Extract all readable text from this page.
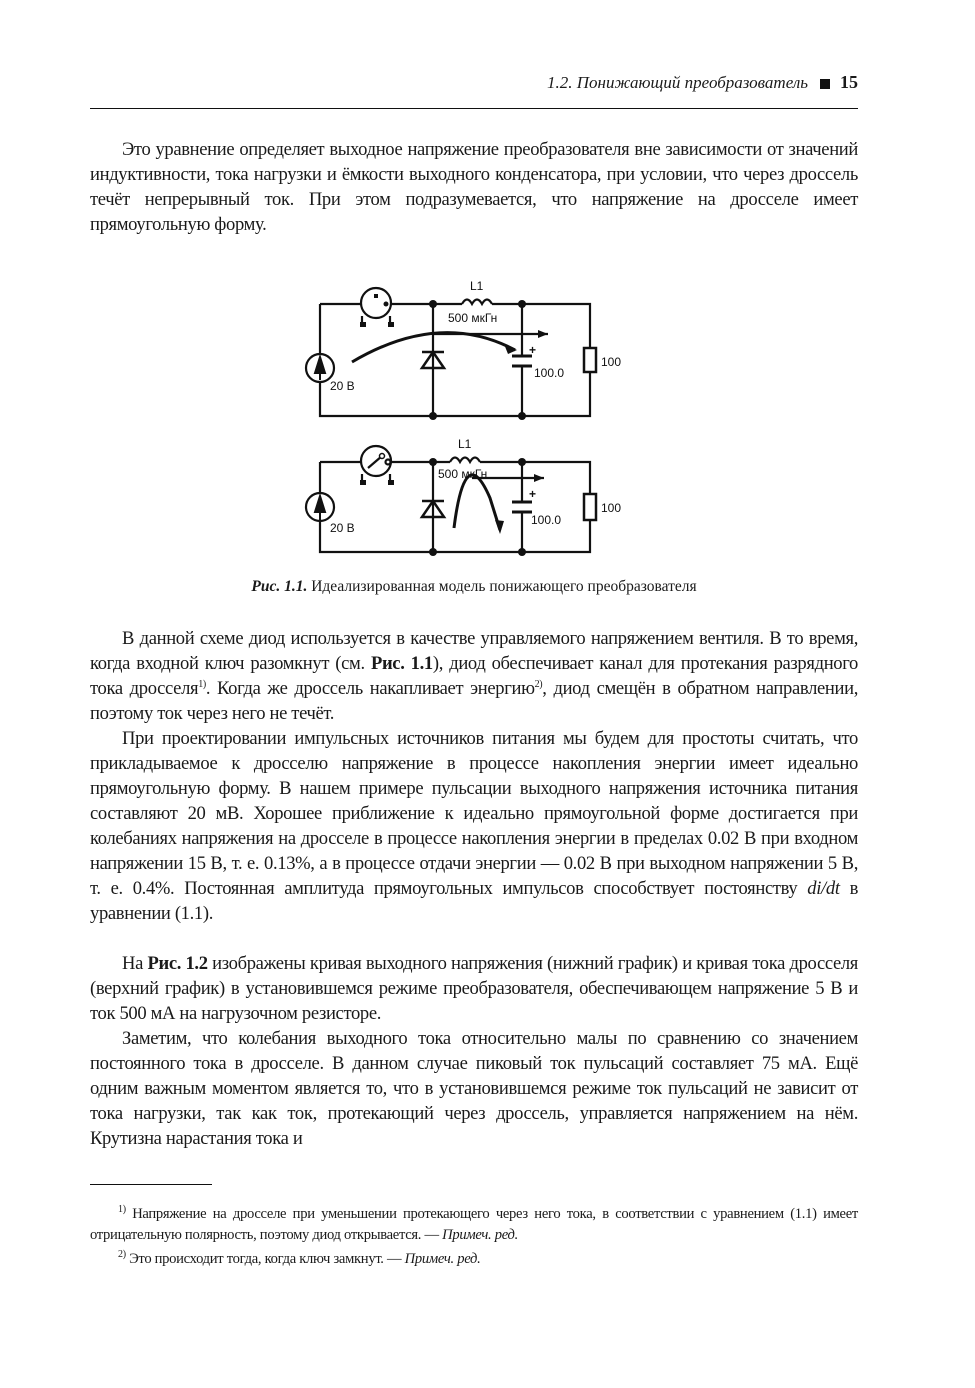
1.2. Понижающий преобразователь 15
Это уравнение определяет выходное напряжение преобразователя вне зависимости от значений индуктивности, тока нагрузки и ёмкости выходного конденсатора, при условии, что через дроссель течёт непрерывный ток. При этом подразумевается, что напряжение на дросселе имеет прямоугольную форму.
L1
500 мкГн
20 В
+
100.0
100
L1
500 мкГн
20 В
+
100.0
100
Рис. 1.1. Идеализированная модель понижающего преобразователя
В данной схеме диод используется в качестве управляемого напряжением вентиля. В то время, когда входной ключ разомкнут (см. Рис. 1.1), диод обеспечивает канал для протекания разрядного тока дросселя$^{1)}$. Когда же дроссель накапливает энергию$^{2)}$, диод смещён в обратном направлении, поэтому ток через него не течёт.
При проектировании импульсных источников питания мы будем для простоты считать, что прикладываемое к дросселю напряжение в процессе накопления энергии имеет идеально прямоугольную форму. В нашем примере пульсации выходного напряжения источника питания составляют 20 мВ. Хорошее приближение к идеально прямоугольной форме достигается при колебаниях напряжения на дросселе в процессе накопления энергии в пределах 0.02 В при входном напряжении 15 В, т. е. 0.13%, а в процессе отдачи энергии — 0.02 В при выходном напряжении 5 В, т. е. 0.4%. Постоянная амплитуда прямоугольных импульсов способствует постоянству di/dt в уравнении (1.1).
На Рис. 1.2 изображены кривая выходного напряжения (нижний график) и кривая тока дросселя (верхний график) в установившемся режиме преобразователя, обеспечивающем напряжение 5 В и ток 500 мА на нагрузочном резисторе.
Заметим, что колебания выходного тока относительно малы по сравнению со значением постоянного тока в дросселе. В данном случае пиковый ток пульсаций составляет 75 мА. Ещё одним важным моментом является то, что в установившемся режиме ток пульсаций не зависит от тока нагрузки, так как ток, протекающий через дроссель, управляется напряжением на нём. Крутизна нарастания тока и
$^{1)}$ Напряжение на дросселе при уменьшении протекающего через него тока, в соответствии с уравнением (1.1) имеет отрицательную полярность, поэтому диод открывается. — Примеч. ред.
$^{2)}$ Это происходит тогда, когда ключ замкнут. — Примеч. ред.
